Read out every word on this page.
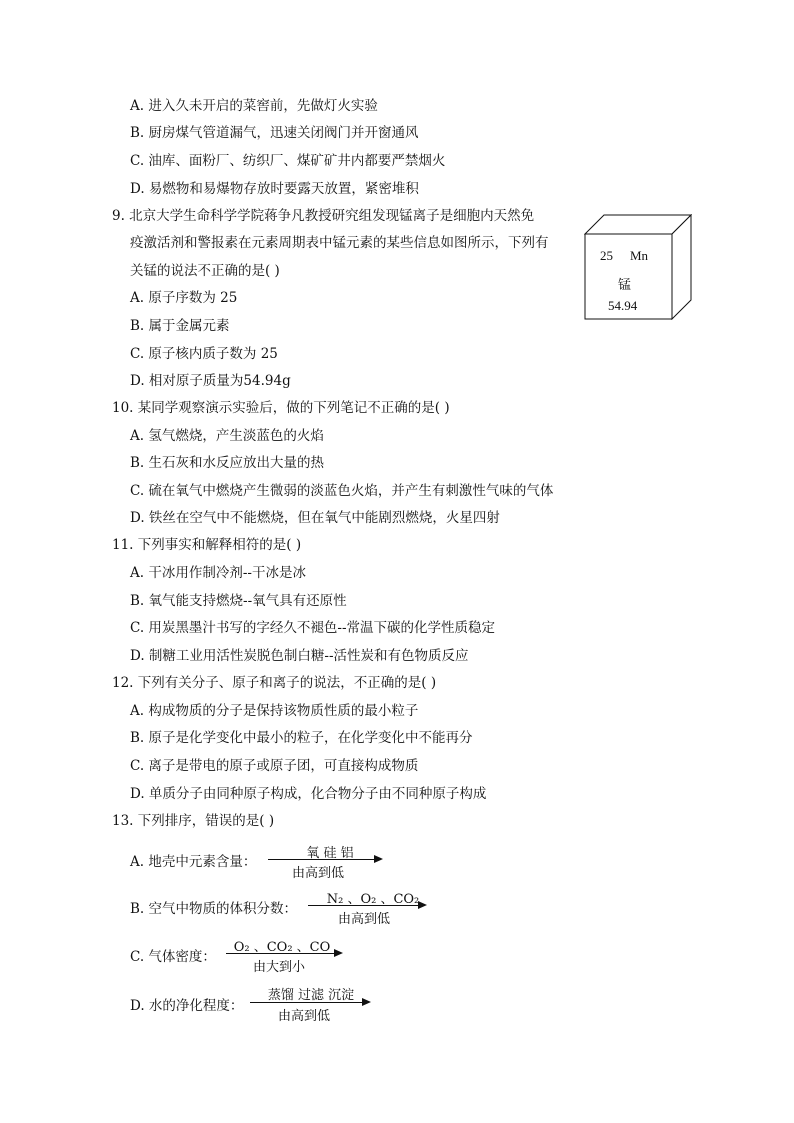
A. 进入久未开启的菜窖前，先做灯火实验
B. 厨房煤气管道漏气，迅速关闭阀门并开窗通风
C. 油库、面粉厂、纺织厂、煤矿矿井内都要严禁烟火
D. 易燃物和易爆物存放时要露天放置，紧密堆积
9. 北京大学生命科学学院蒋争凡教授研究组发现锰离子是细胞内天然免
疫激活剂和警报素在元素周期表中锰元素的某些信息如图所示，下列有
关锰的说法不正确的是( )
A. 原子序数为 25
B. 属于金属元素
C. 原子核内质子数为 25
D. 相对原子质量为54.94g
10. 某同学观察演示实验后，做的下列笔记不正确的是( )
A. 氢气燃烧，产生淡蓝色的火焰
B. 生石灰和水反应放出大量的热
C. 硫在氧气中燃烧产生微弱的淡蓝色火焰，并产生有刺激性气味的气体
D. 铁丝在空气中不能燃烧，但在氧气中能剧烈燃烧，火星四射
11. 下列事实和解释相符的是( )
A. 干冰用作制冷剂--干冰是冰
B. 氧气能支持燃烧--氧气具有还原性
C. 用炭黑墨汁书写的字经久不褪色--常温下碳的化学性质稳定
D. 制糖工业用活性炭脱色制白糖--活性炭和有色物质反应
12. 下列有关分子、原子和离子的说法，不正确的是( )
A. 构成物质的分子是保持该物质性质的最小粒子
B. 原子是化学变化中最小的粒子，在化学变化中不能再分
C. 离子是带电的原子或原子团，可直接构成物质
D. 单质分子由同种原子构成，化合物分子由不同种原子构成
13. 下列排序，错误的是( )
25 Mn
锰
54.94
A. 地壳中元素含量：
氧 硅 铝
由高到低
B. 空气中物质的体积分数：
N₂ 、O₂ 、CO₂
由高到低
C. 气体密度：
O₂ 、CO₂ 、CO
由大到小
D. 水的净化程度：
蒸馏 过滤 沉淀
由高到低
